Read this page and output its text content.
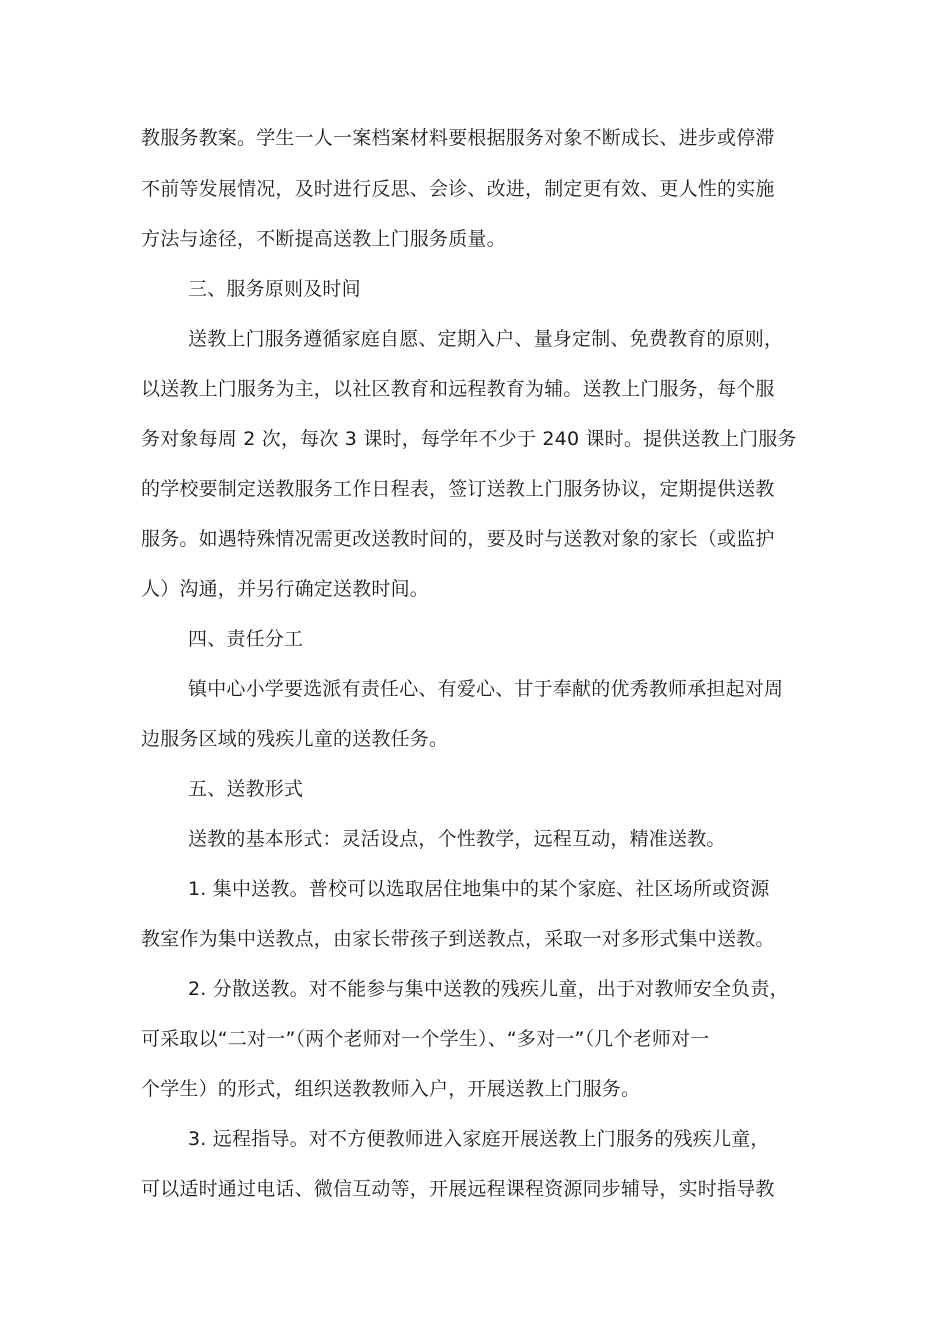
教服务教案。学生一人一案档案材料要根据服务对象不断成长、进步或停滞
不前等发展情况，及时进行反思、会诊、改进，制定更有效、更人性的实施
方法与途径，不断提高送教上门服务质量。
三、服务原则及时间
送教上门服务遵循家庭自愿、定期入户、量身定制、免费教育的原则，
以送教上门服务为主，以社区教育和远程教育为辅。送教上门服务，每个服
务对象每周 2 次，每次 3 课时，每学年不少于 240 课时。提供送教上门服务
的学校要制定送教服务工作日程表，签订送教上门服务协议，定期提供送教
服务。如遇特殊情况需更改送教时间的，要及时与送教对象的家长（或监护
人）沟通，并另行确定送教时间。
四、责任分工
镇中心小学要选派有责任心、有爱心、甘于奉献的优秀教师承担起对周
边服务区域的残疾儿童的送教任务。
五、送教形式
送教的基本形式：灵活设点，个性教学，远程互动，精准送教。
1. 集中送教。普校可以选取居住地集中的某个家庭、社区场所或资源
教室作为集中送教点，由家长带孩子到送教点，采取一对多形式集中送教。
2. 分散送教。对不能参与集中送教的残疾儿童，出于对教师安全负责，
可采取以“二对一”（两个老师对一个学生）、“多对一”（几个老师对一
个学生）的形式，组织送教教师入户，开展送教上门服务。
3. 远程指导。对不方便教师进入家庭开展送教上门服务的残疾儿童，
可以适时通过电话、微信互动等，开展远程课程资源同步辅导，实时指导教
